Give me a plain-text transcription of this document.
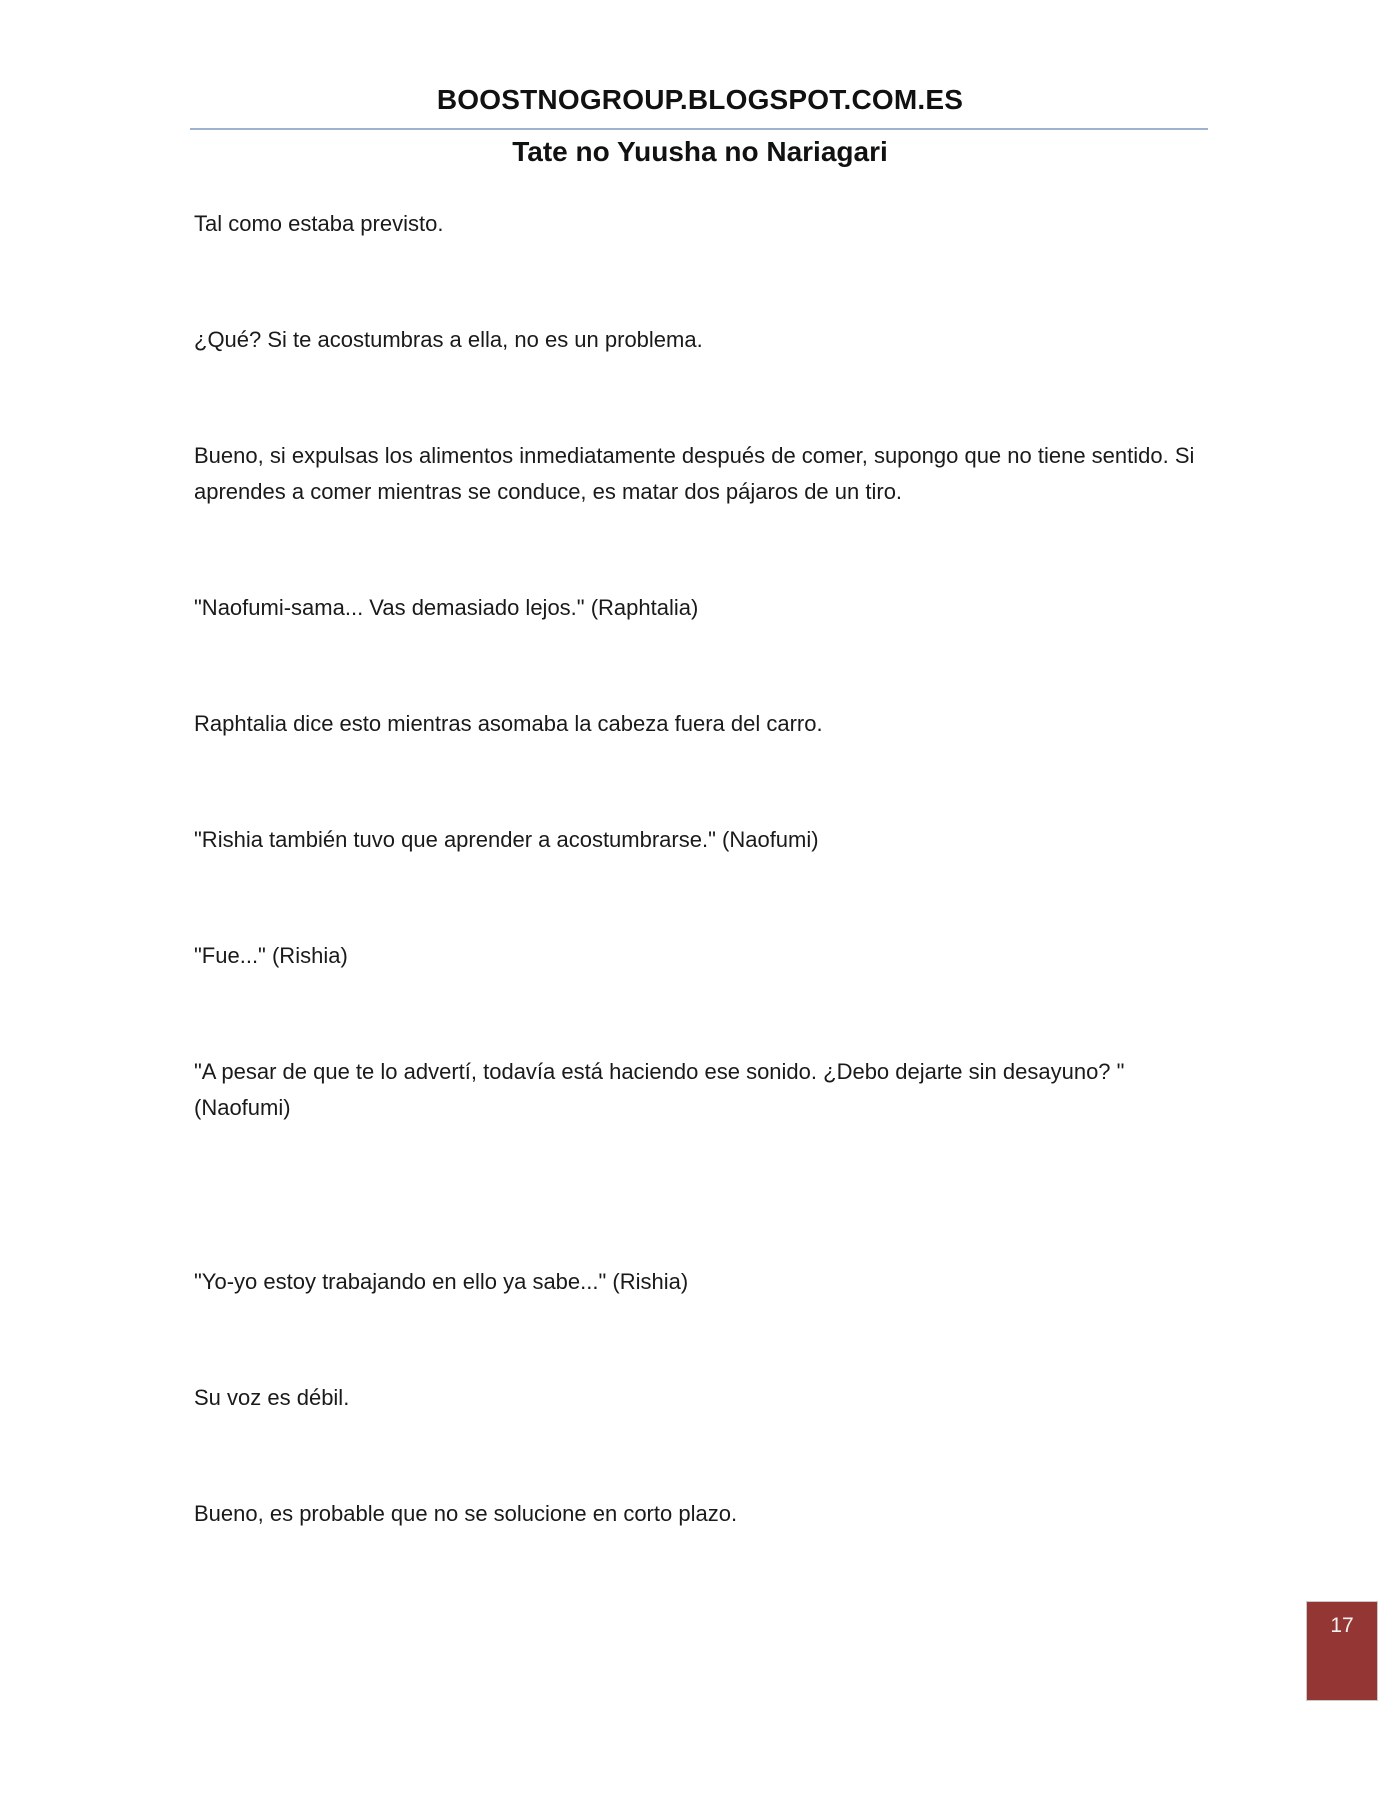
BOOSTNOGROUP.BLOGSPOT.COM.ES
Tate no Yuusha no Nariagari
Tal como estaba previsto.
¿Qué? Si te acostumbras a ella, no es un problema.
Bueno, si expulsas los alimentos inmediatamente después de comer, supongo que no tiene sentido. Si aprendes a comer mientras se conduce, es matar dos pájaros de un tiro.
"Naofumi-sama... Vas demasiado lejos." (Raphtalia)
Raphtalia dice esto mientras asomaba la cabeza fuera del carro.
"Rishia también tuvo que aprender a acostumbrarse." (Naofumi)
"Fue..." (Rishia)
"A pesar de que te lo advertí, todavía está haciendo ese sonido. ¿Debo dejarte sin desayuno? "(Naofumi)
"Yo-yo estoy trabajando en ello ya sabe..." (Rishia)
Su voz es débil.
Bueno, es probable que no se solucione en corto plazo.
17
